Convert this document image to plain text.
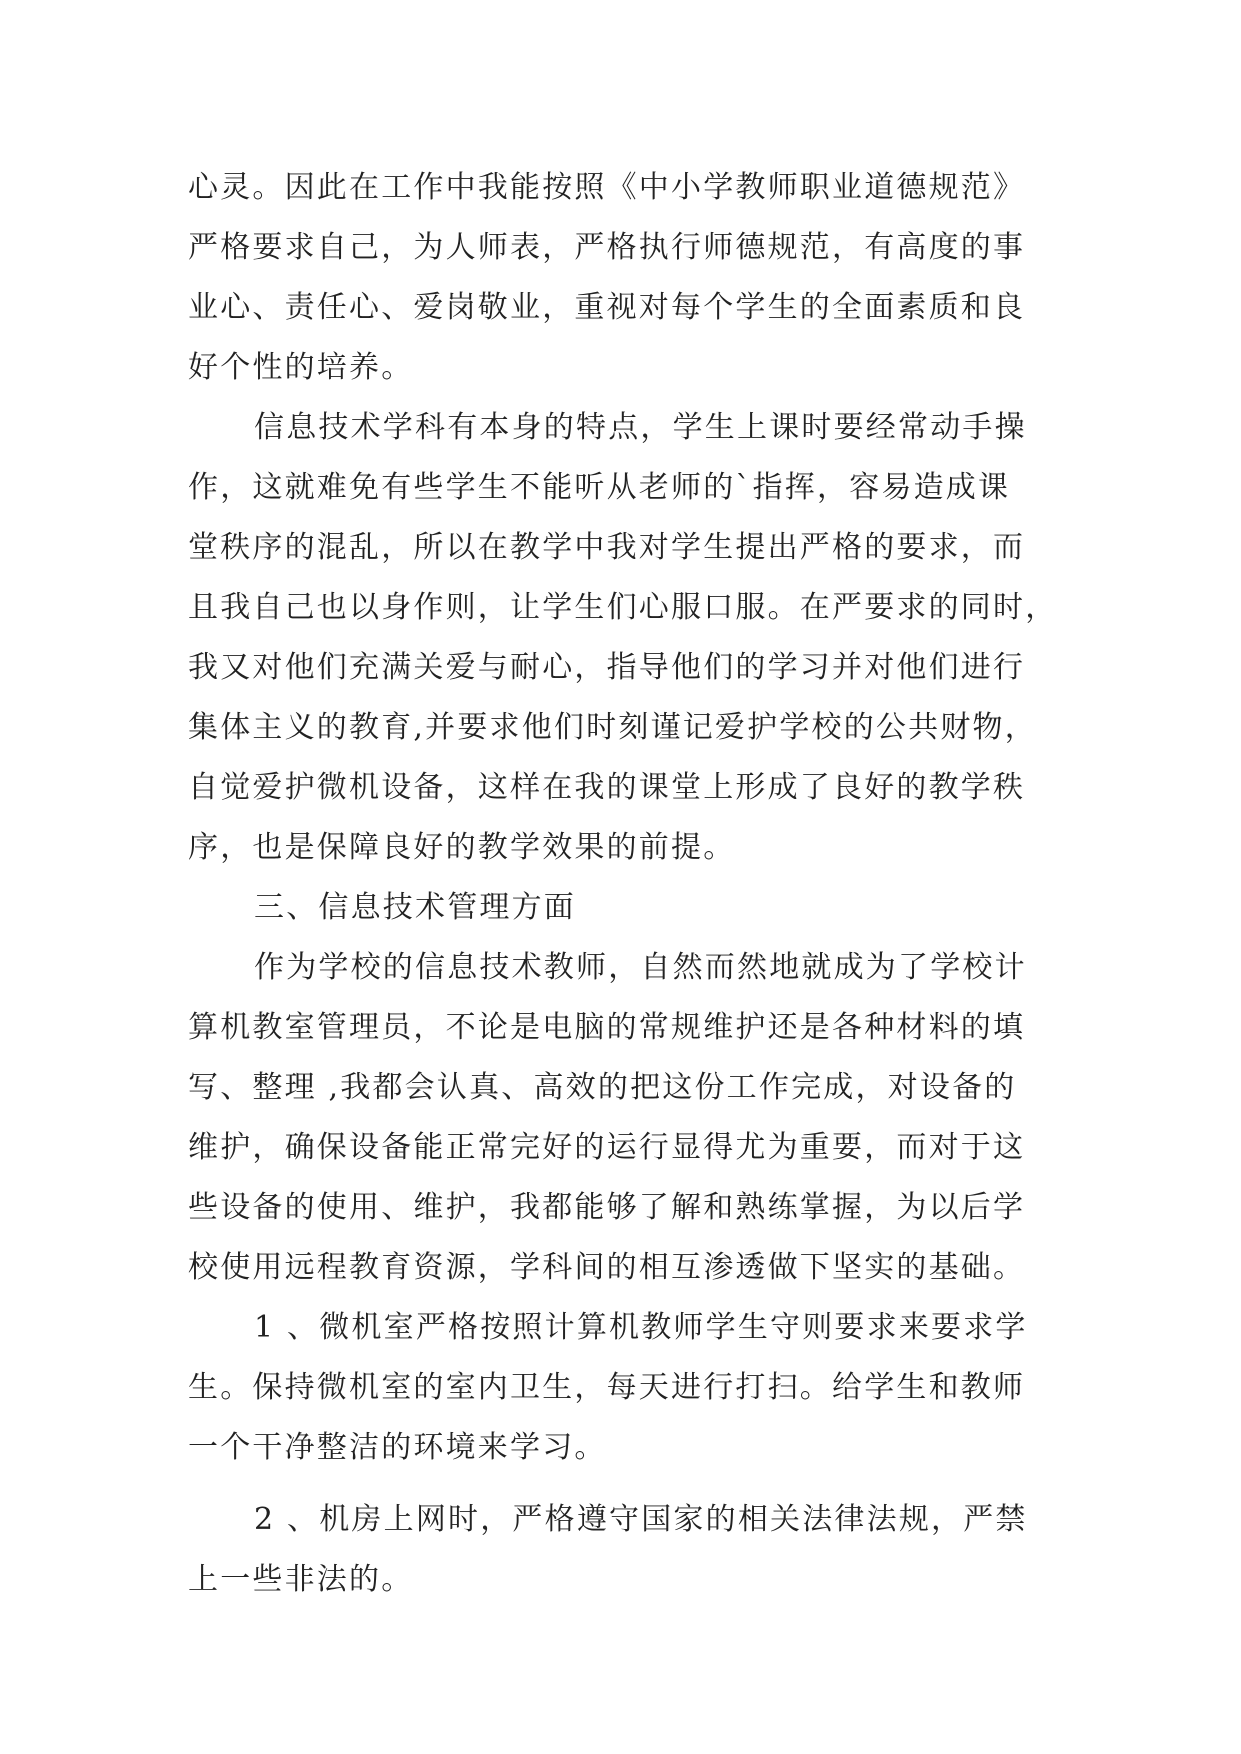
心灵。因此在工作中我能按照《中小学教师职业道德规范》
严格要求自己，为人师表，严格执行师德规范，有高度的事
业心、责任心、爱岗敬业，重视对每个学生的全面素质和良
好个性的培养。
信息技术学科有本身的特点，学生上课时要经常动手操
作，这就难免有些学生不能听从老师的`指挥，容易造成课
堂秩序的混乱，所以在教学中我对学生提出严格的要求，而
且我自己也以身作则，让学生们心服口服。在严要求的同时，
我又对他们充满关爱与耐心，指导他们的学习并对他们进行
集体主义的教育,并要求他们时刻谨记爱护学校的公共财物，
自觉爱护微机设备，这样在我的课堂上形成了良好的教学秩
序，也是保障良好的教学效果的前提。
三、信息技术管理方面
作为学校的信息技术教师，自然而然地就成为了学校计
算机教室管理员，不论是电脑的常规维护还是各种材料的填
写、整理 ,我都会认真、高效的把这份工作完成，对设备的
维护，确保设备能正常完好的运行显得尤为重要，而对于这
些设备的使用、维护，我都能够了解和熟练掌握，为以后学
校使用远程教育资源，学科间的相互渗透做下坚实的基础。
1 、微机室严格按照计算机教师学生守则要求来要求学
生。保持微机室的室内卫生，每天进行打扫。给学生和教师
一个干净整洁的环境来学习。
2 、机房上网时，严格遵守国家的相关法律法规，严禁
上一些非法的。
